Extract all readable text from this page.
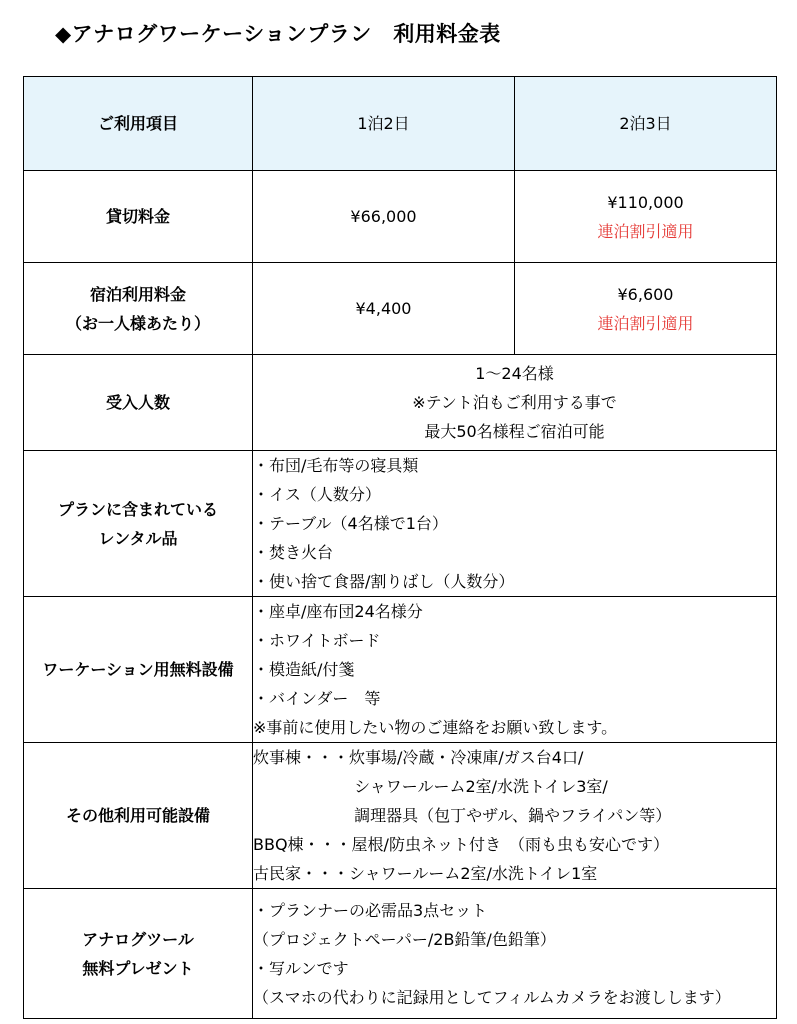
◆アナログワーケーションプラン　利用料金表
ご利用項目	1泊2日	2泊3日
貸切料金	¥66,000	¥110,000
連泊割引適用

宿泊利用料金
（お一人様あたり）	¥4,400	¥6,600
連泊割引適用

受入人数	1～24名様
※テント泊もご利用する事で
最大50名様程ご宿泊可能	

プランに含まれている
レンタル品	・布団/毛布等の寝具類
・イス（人数分）
・テーブル（4名様で1台）
・焚き火台
・使い捨て食器/割りばし（人数分）	

ワーケーション用無料設備	・座卓/座布団24名様分
・ホワイトボード
・模造紙/付箋
・バインダー　等
※事前に使用したい物のご連絡をお願い致します。	

その他利用可能設備	炊事棟・・・炊事場/冷蔵・冷凍庫/ガス台4口/
　　　　　　 シャワールーム2室/水洗トイレ3室/
　　　　　　 調理器具（包丁やザル、鍋やフライパン等）
BBQ棟・・・屋根/防虫ネット付き　（雨も虫も安心です）
古民家・・・シャワールーム2室/水洗トイレ1室	

アナログツール
無料プレゼント	・プランナーの必需品3点セット
（プロジェクトペーパー/2B鉛筆/色鉛筆）
・写ルンです
（スマホの代わりに記録用としてフィルムカメラをお渡しします）	
